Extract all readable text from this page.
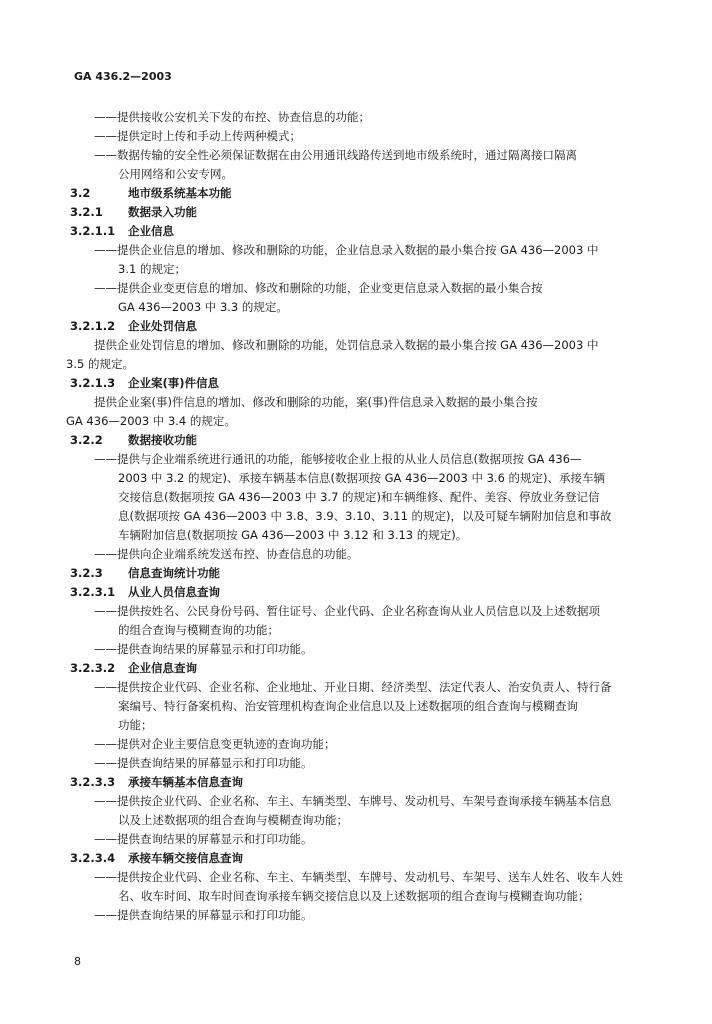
GA 436.2—2003

——提供接收公安机关下发的布控、协查信息的功能；

——提供定时上传和手动上传两种模式；

——数据传输的安全性必须保证数据在由公用通讯线路传送到地市级系统时，通过隔离接口隔离

公用网络和公安专网。

3.2	地市级系统基本功能

3.2.1 数据录入功能

3.2.1.1 企业信息

——提供企业信息的增加、修改和删除的功能，企业信息录入数据的最小集合按 GA 436—2003 中

3.1 的规定；

——提供企业变更信息的增加、修改和删除的功能，企业变更信息录入数据的最小集合按

GA 436—2003 中 3.3 的规定。

3.2.1.2 企业处罚信息

提供企业处罚信息的增加、修改和删除的功能，处罚信息录入数据的最小集合按 GA 436—2003 中

3.5 的规定。

3.2.1.3 企业案(事)件信息

提供企业案(事)件信息的增加、修改和删除的功能，案(事)件信息录入数据的最小集合按

GA 436—2003 中 3.4 的规定。

3.2.2 数据接收功能

——提供与企业端系统进行通讯的功能，能够接收企业上报的从业人员信息(数据项按 GA 436—

2003 中 3.2 的规定)、承接车辆基本信息(数据项按 GA 436—2003 中 3.6 的规定)、承接车辆

交接信息(数据项按 GA 436—2003 中 3.7 的规定)和车辆维修、配件、美容、停放业务登记信

息(数据项按 GA 436—2003 中 3.8、3.9、3.10、3.11 的规定)，以及可疑车辆附加信息和事故

车辆附加信息(数据项按 GA 436—2003 中 3.12 和 3.13 的规定)。

——提供向企业端系统发送布控、协查信息的功能。

3.2.3 信息查询统计功能

3.2.3.1 从业人员信息查询

——提供按姓名、公民身份号码、暂住证号、企业代码、企业名称查询从业人员信息以及上述数据项

的组合查询与模糊查询的功能；

——提供查询结果的屏幕显示和打印功能。

3.2.3.2 企业信息查询

——提供按企业代码、企业名称、企业地址、开业日期、经济类型、法定代表人、治安负责人、特行备

案编号、特行备案机构、治安管理机构查询企业信息以及上述数据项的组合查询与模糊查询

功能；

——提供对企业主要信息变更轨迹的查询功能；

——提供查询结果的屏幕显示和打印功能。

3.2.3.3 承接车辆基本信息查询

——提供按企业代码、企业名称、车主、车辆类型、车牌号、发动机号、车架号查询承接车辆基本信息

以及上述数据项的组合查询与模糊查询功能；

——提供查询结果的屏幕显示和打印功能。

3.2.3.4 承接车辆交接信息查询

——提供按企业代码、企业名称、车主、车辆类型、车牌号、发动机号、车架号、送车人姓名、收车人姓

名、收车时间、取车时间查询承接车辆交接信息以及上述数据项的组合查询与模糊查询功能；

——提供查询结果的屏幕显示和打印功能。

8
